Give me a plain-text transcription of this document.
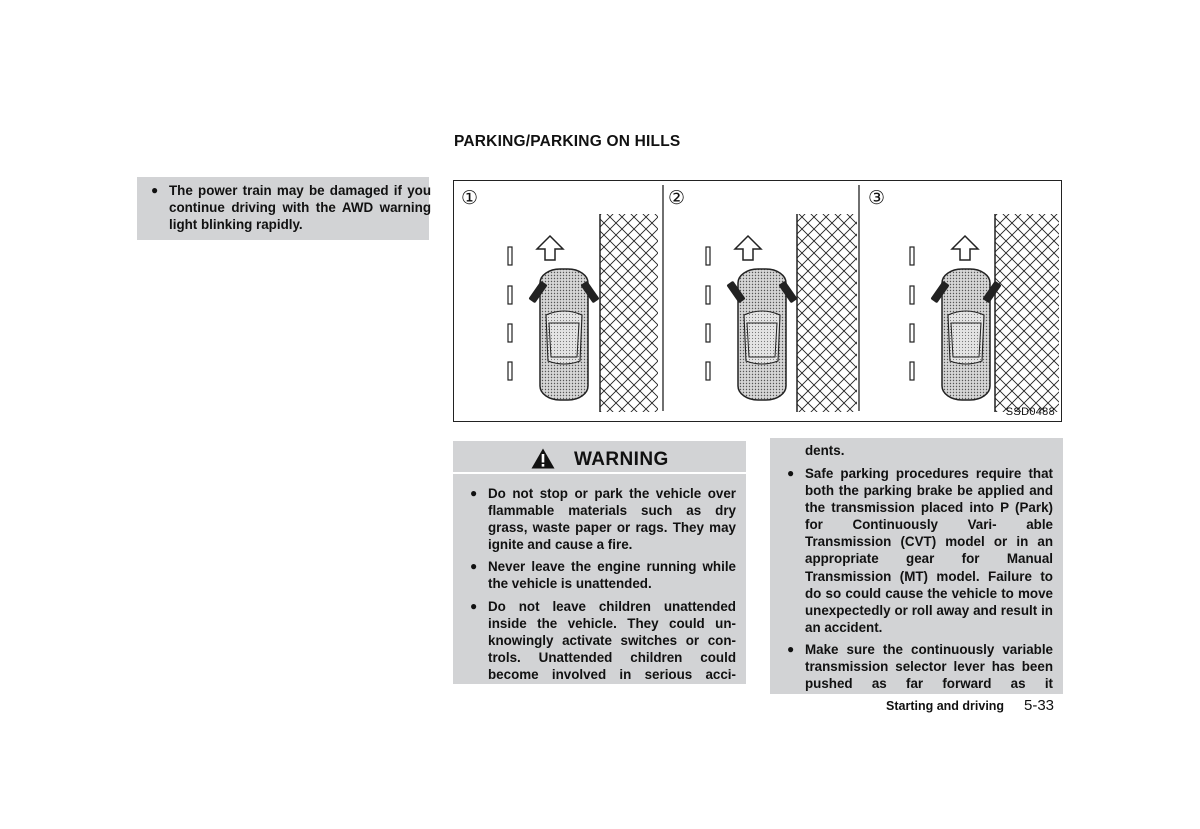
● The power train may be damaged if you continue driving with the AWD warning light blinking rapidly.

PARKING/PARKING ON HILLS
①	②	③
SSD0488
WARNING

● Do not stop or park the vehicle over flammable materials such as dry grass, waste paper or rags. They may ignite and cause a fire.

● Never leave the engine running while the vehicle is unattended.

● Do not leave children unattended inside the vehicle. They could un- knowingly activate switches or con- trols. Unattended children could become involved in serious acci-

dents.

● Safe parking procedures require that both the parking brake be applied and the transmission placed into P (Park) for Continuously Vari- able Transmission (CVT) model or in an appropriate gear for Manual Transmission (MT) model. Failure to do so could cause the vehicle to move unexpectedly or roll away and result in an accident.

● Make sure the continuously variable transmission selector lever has been pushed as far forward as it

Starting and driving 5-33
